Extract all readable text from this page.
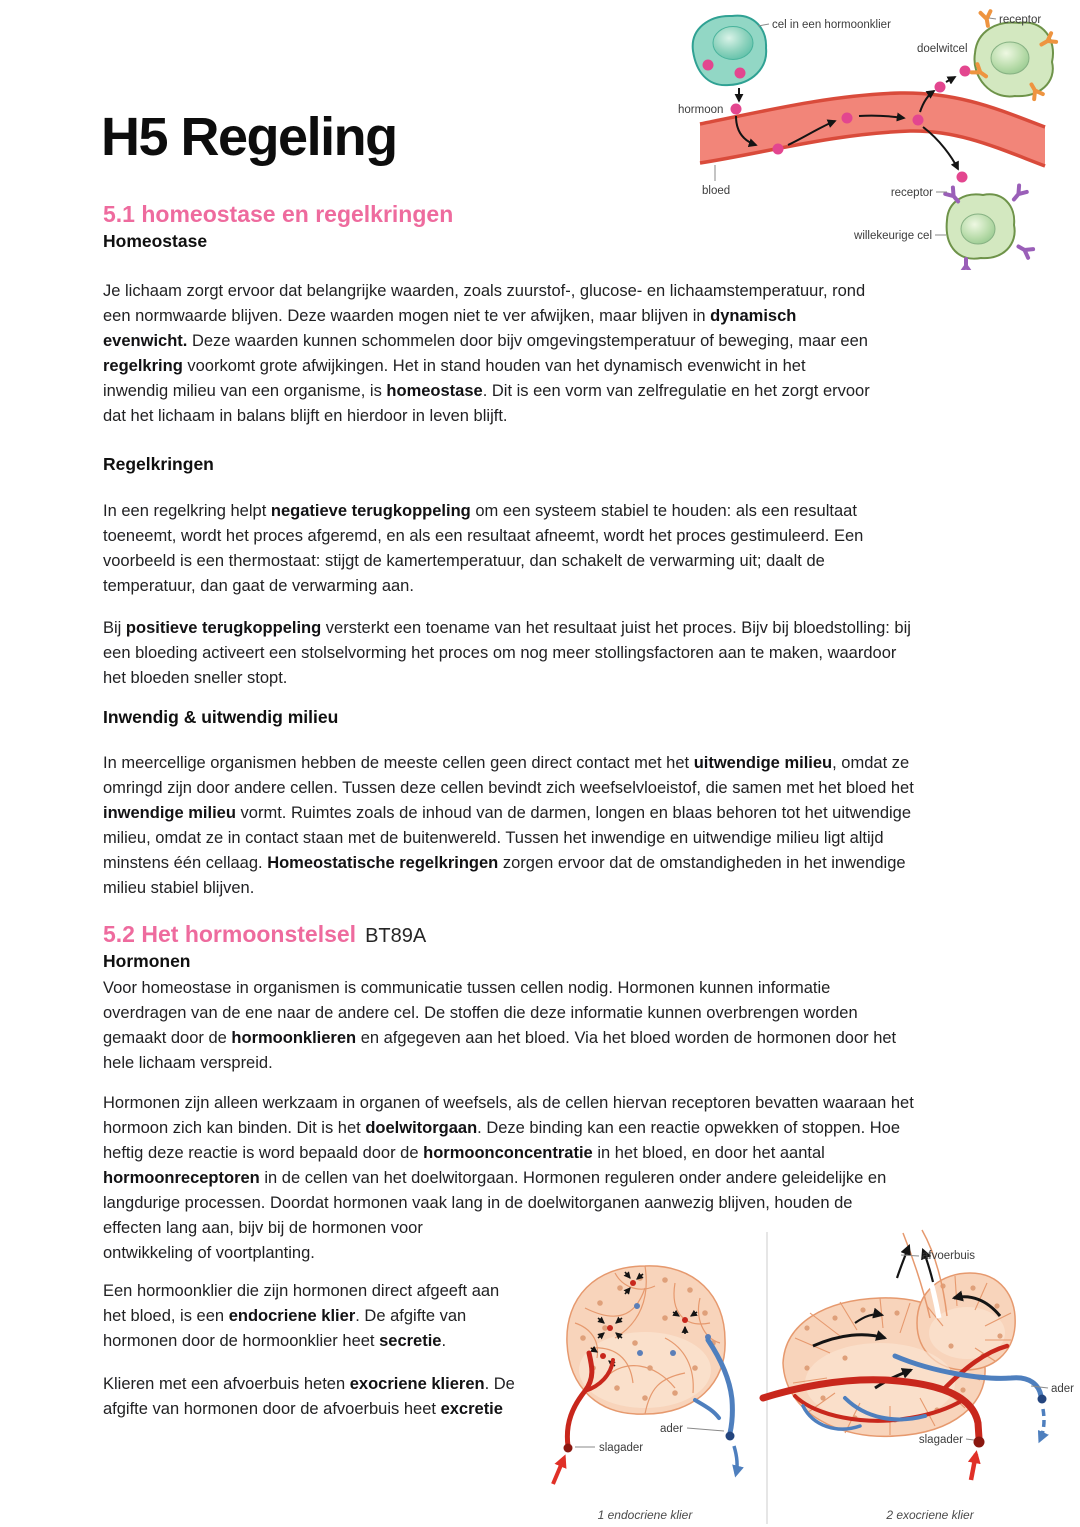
cel in een hormoonklier
hormoon
bloed
receptor
doelwitcel
receptor
willekeurige cel
H5 Regeling
5.1 homeostase en regelkringen
Homeostase
Je lichaam zorgt ervoor dat belangrijke waarden, zoals zuurstof-, glucose- en lichaamstemperatuur, rond
een normwaarde blijven. Deze waarden mogen niet te ver afwijken, maar blijven in dynamisch
evenwicht. Deze waarden kunnen schommelen door bijv omgevingstemperatuur of beweging, maar een
regelkring voorkomt grote afwijkingen. Het in stand houden van het dynamisch evenwicht in het
inwendig milieu van een organisme, is homeostase. Dit is een vorm van zelfregulatie en het zorgt ervoor
dat het lichaam in balans blijft en hierdoor in leven blijft.
Regelkringen
In een regelkring helpt negatieve terugkoppeling om een systeem stabiel te houden: als een resultaat
toeneemt, wordt het proces afgeremd, en als een resultaat afneemt, wordt het proces gestimuleerd. Een
voorbeeld is een thermostaat: stijgt de kamertemperatuur, dan schakelt de verwarming uit; daalt de
temperatuur, dan gaat de verwarming aan.
Bij positieve terugkoppeling versterkt een toename van het resultaat juist het proces. Bijv bij bloedstolling: bij
een bloeding activeert een stolselvorming het proces om nog meer stollingsfactoren aan te maken, waardoor
het bloeden sneller stopt.
Inwendig & uitwendig milieu
In meercellige organismen hebben de meeste cellen geen direct contact met het uitwendige milieu, omdat ze
omringd zijn door andere cellen. Tussen deze cellen bevindt zich weefselvloeistof, die samen met het bloed het
inwendige milieu vormt. Ruimtes zoals de inhoud van de darmen, longen en blaas behoren tot het uitwendige
milieu, omdat ze in contact staan met de buitenwereld. Tussen het inwendige en uitwendige milieu ligt altijd
minstens één cellaag. Homeostatische regelkringen zorgen ervoor dat de omstandigheden in het inwendige
milieu stabiel blijven.
5.2 Het hormoonstelsel BT89A
Hormonen
Voor homeostase in organismen is communicatie tussen cellen nodig. Hormonen kunnen informatie
overdragen van de ene naar de andere cel. De stoffen die deze informatie kunnen overbrengen worden
gemaakt door de hormoonklieren en afgegeven aan het bloed. Via het bloed worden de hormonen door het
hele lichaam verspreid.
Hormonen zijn alleen werkzaam in organen of weefsels, als de cellen hiervan receptoren bevatten waaraan het
hormoon zich kan binden. Dit is het doelwitorgaan. Deze binding kan een reactie opwekken of stoppen. Hoe
heftig deze reactie is word bepaald door de hormoonconcentratie in het bloed, en door het aantal
hormoonreceptoren in de cellen van het doelwitorgaan. Hormonen reguleren onder andere geleidelijke en
langdurige processen. Doordat hormonen vaak lang in de doelwitorganen aanwezig blijven, houden de
effecten lang aan, bijv bij de hormonen voor
ontwikkeling of voortplanting.
Een hormoonklier die zijn hormonen direct afgeeft aan
het bloed, is een endocriene klier. De afgifte van
hormonen door de hormoonklier heet secretie.
Klieren met een afvoerbuis heten exocriene klieren. De
afgifte van hormonen door de afvoerbuis heet excretie
ader
slagader
1 endocriene klier
afvoerbuis
ader
slagader
2 exocriene klier
